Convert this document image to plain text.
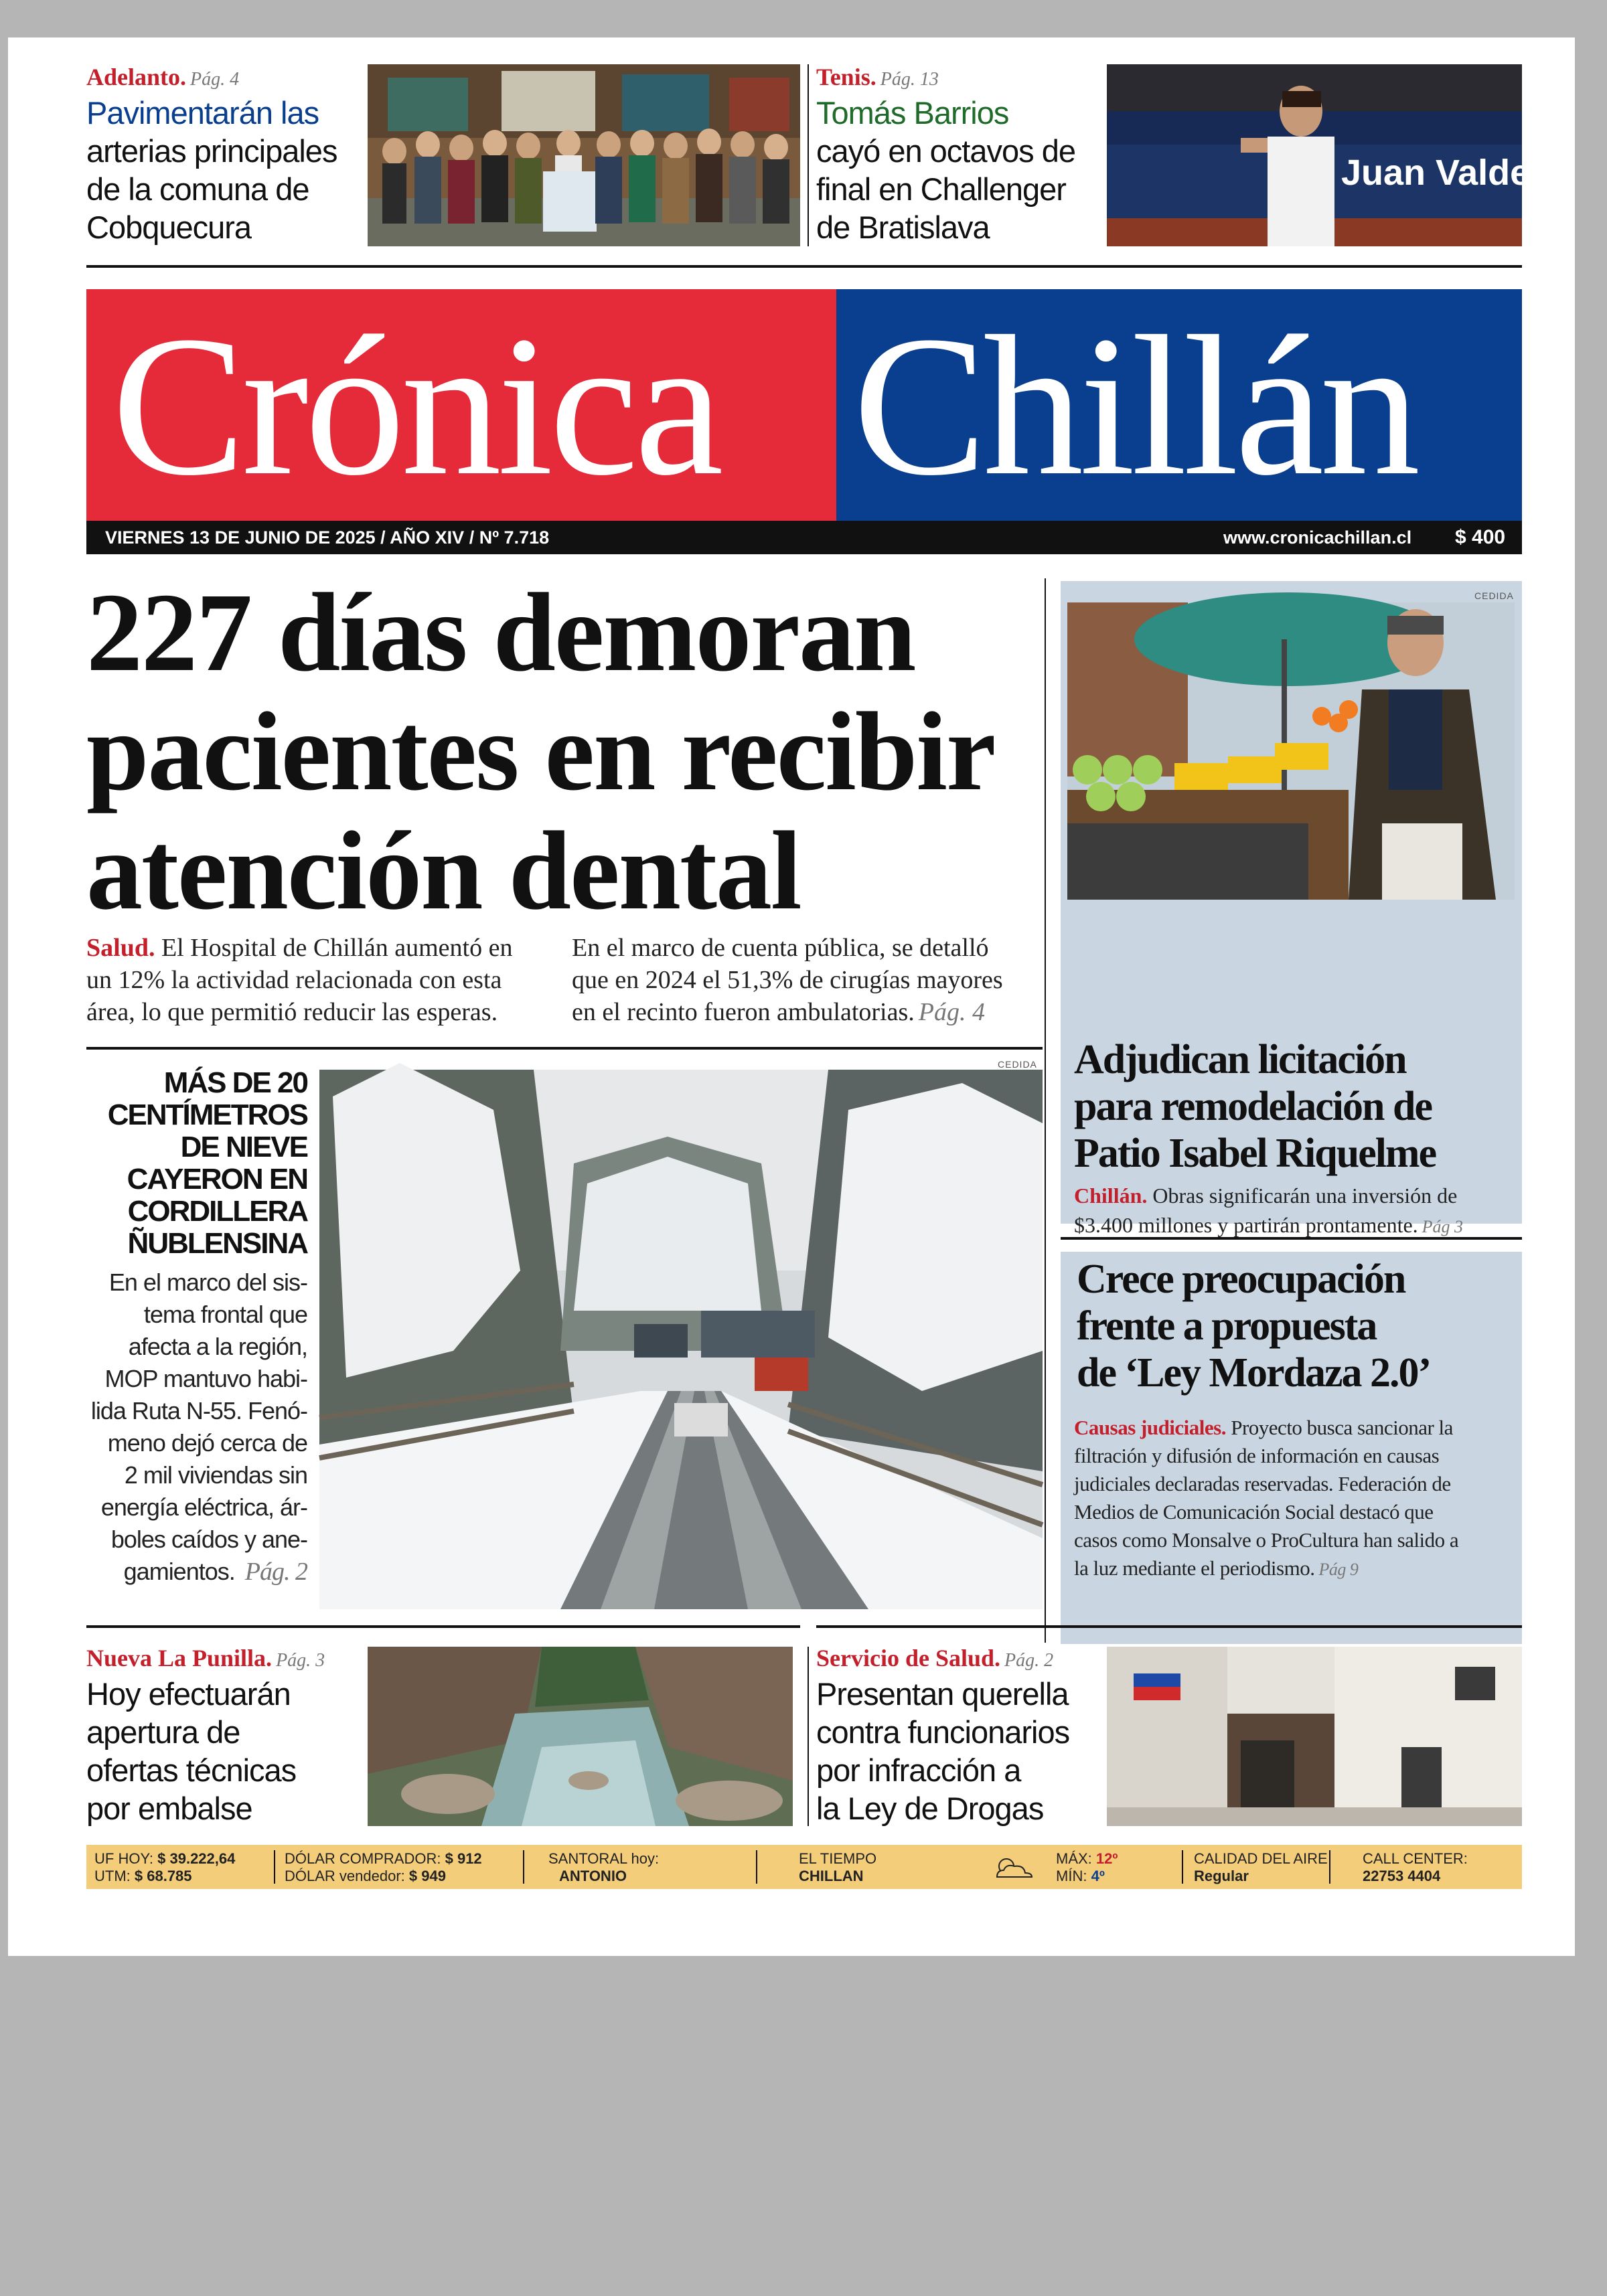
Adelanto. Pág. 4
Pavimentarán las
arterias principales
de la comuna de
Cobquecura
Tenis. Pág. 13
Tomás Barrios
cayó en octavos de
final en Challenger
de Bratislava
Juan Valdez
Crónica Chillán
VIERNES 13 DE JUNIO DE 2025 / AÑO XIV / Nº 7.718	www.cronicachillan.cl $ 400
227 días demoran
pacientes en recibir
atención dental
Salud. El Hospital de Chillán aumentó en
un 12% la actividad relacionada con esta
área, lo que permitió reducir las esperas.
En el marco de cuenta pública, se detalló
que en 2024 el 51,3% de cirugías mayores
en el recinto fueron ambulatorias. Pág. 4
MÁS DE 20
CENTÍMETROS
DE NIEVE
CAYERON EN
CORDILLERA
ÑUBLENSINA
En el marco del sis-
tema frontal que
afecta a la región,
MOP mantuvo habi-
lida Ruta N-55. Fenó-
meno dejó cerca de
2 mil viviendas sin
energía eléctrica, ár-
boles caídos y ane-
gamientos. Pág. 2
CEDIDA
CEDIDA
Adjudican licitación
para remodelación de
Patio Isabel Riquelme
Chillán. Obras significarán una inversión de
$3.400 millones y partirán prontamente. Pág 3
Crece preocupación
frente a propuesta
de ‘Ley Mordaza 2.0’
Causas judiciales. Proyecto busca sancionar la
filtración y difusión de información en causas
judiciales declaradas reservadas. Federación de
Medios de Comunicación Social destacó que
casos como Monsalve o ProCultura han salido a
la luz mediante el periodismo. Pág 9
Nueva La Punilla. Pág. 3
Hoy efectuarán
apertura de
ofertas técnicas
por embalse
Servicio de Salud. Pág. 2
Presentan querella
contra funcionarios
por infracción a
la Ley de Drogas
UF HOY: $ 39.222,64
UTM: $ 68.785
DÓLAR COMPRADOR: $ 912
DÓLAR vendedor: $ 949
SANTORAL hoy:
ANTONIO
EL TIEMPO
CHILLAN
MÁX: 12º
MÍN: 4º
CALIDAD DEL AIRE
Regular
CALL CENTER:
22753 4404
